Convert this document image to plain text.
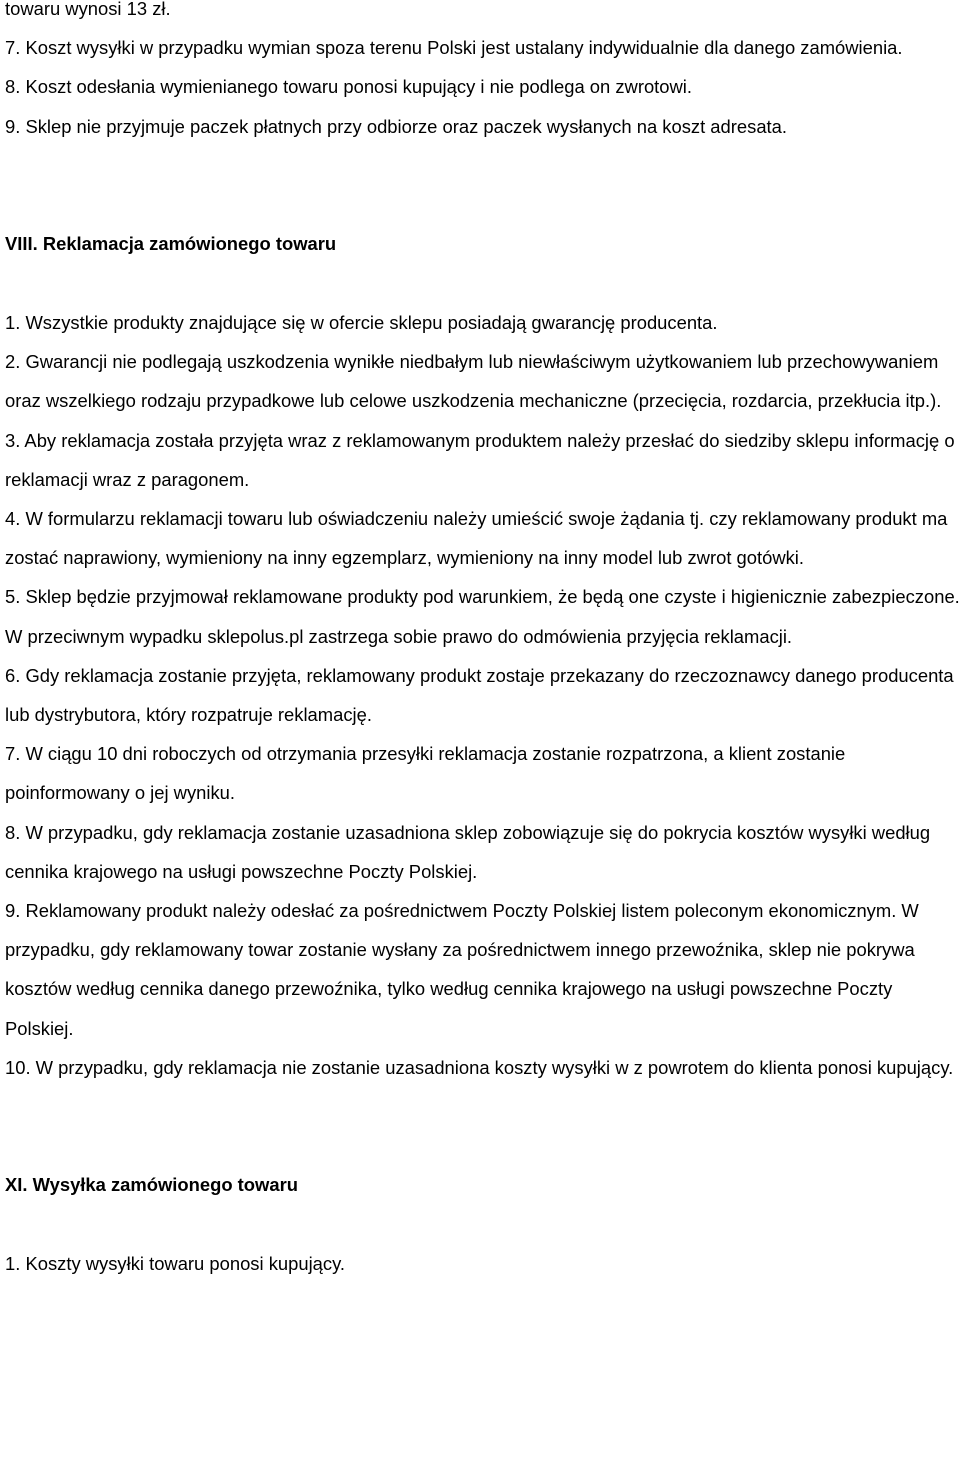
towaru wynosi 13 zł.

7. Koszt wysyłki w przypadku wymian spoza terenu Polski jest ustalany indywidualnie dla danego zamówienia.

8. Koszt odesłania wymienianego towaru ponosi kupujący i nie podlega on zwrotowi.

9. Sklep nie przyjmuje paczek płatnych przy odbiorze oraz paczek wysłanych na koszt adresata.

VIII. Reklamacja zamówionego towaru

1. Wszystkie produkty znajdujące się w ofercie sklepu posiadają gwarancję producenta.

2. Gwarancji nie podlegają uszkodzenia wynikłe niedbałym lub niewłaściwym użytkowaniem lub przechowywaniem oraz wszelkiego rodzaju przypadkowe lub celowe uszkodzenia mechaniczne (przecięcia, rozdarcia, przekłucia itp.).

3. Aby reklamacja została przyjęta wraz z reklamowanym produktem należy przesłać do siedziby sklepu informację o reklamacji wraz z paragonem.

4. W formularzu reklamacji towaru lub oświadczeniu należy umieścić swoje żądania tj. czy reklamowany produkt ma zostać naprawiony, wymieniony na inny egzemplarz, wymieniony na inny model lub zwrot gotówki.

5. Sklep będzie przyjmował reklamowane produkty pod warunkiem, że będą one czyste i higienicznie zabezpieczone. W przeciwnym wypadku sklepolus.pl zastrzega sobie prawo do odmówienia przyjęcia reklamacji.

6. Gdy reklamacja zostanie przyjęta, reklamowany produkt zostaje przekazany do rzeczoznawcy danego producenta lub dystrybutora, który rozpatruje reklamację.

7. W ciągu 10 dni roboczych od otrzymania przesyłki reklamacja zostanie rozpatrzona, a klient zostanie poinformowany o jej wyniku.

8. W przypadku, gdy reklamacja zostanie uzasadniona sklep zobowiązuje się do pokrycia kosztów wysyłki według cennika krajowego na usługi powszechne Poczty Polskiej.

9. Reklamowany produkt należy odesłać za pośrednictwem Poczty Polskiej listem poleconym ekonomicznym. W przypadku, gdy reklamowany towar zostanie wysłany za pośrednictwem innego przewoźnika, sklep nie pokrywa kosztów według cennika danego przewoźnika, tylko według cennika krajowego na usługi powszechne Poczty Polskiej.

10. W przypadku, gdy reklamacja nie zostanie uzasadniona koszty wysyłki w z powrotem do klienta ponosi kupujący.

XI. Wysyłka zamówionego towaru

1. Koszty wysyłki towaru ponosi kupujący.
